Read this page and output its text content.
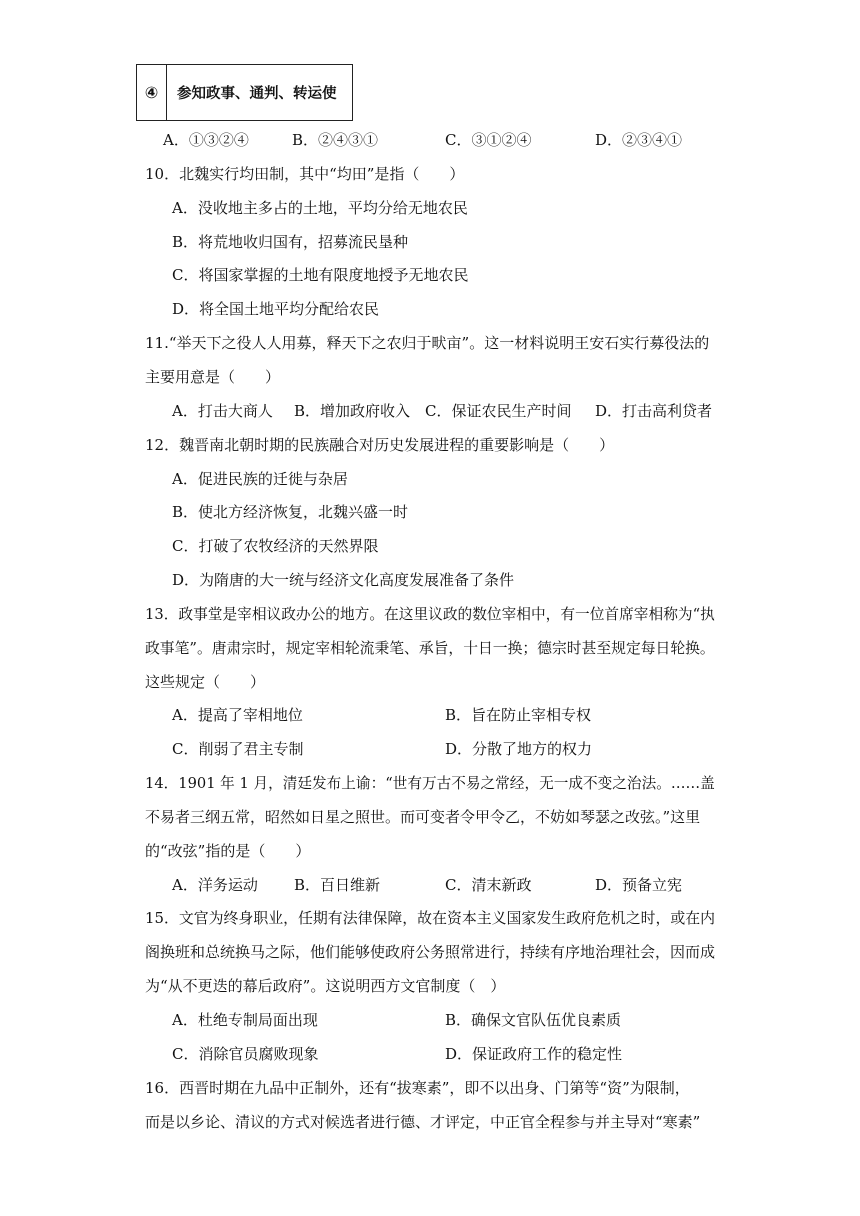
④	参知政事、通判、转运使
A．①③②④	B．②④③①	C．③①②④	D．②③④①
10．北魏实行均田制，其中“均田”是指（　　）
A．没收地主多占的土地，平均分给无地农民
B．将荒地收归国有，招募流民垦种
C．将国家掌握的土地有限度地授予无地农民
D．将全国土地平均分配给农民
11.“举天下之役人人用募，释天下之农归于畎亩”。这一材料说明王安石实行募役法的
主要用意是（　　）
A．打击大商人 B．增加政府收入 C．保证农民生产时间 D．打击高利贷者
12．魏晋南北朝时期的民族融合对历史发展进程的重要影响是（　　）
A．促进民族的迁徙与杂居
B．使北方经济恢复，北魏兴盛一时
C．打破了农牧经济的天然界限
D．为隋唐的大一统与经济文化高度发展准备了条件
13．政事堂是宰相议政办公的地方。在这里议政的数位宰相中，有一位首席宰相称为“执
政事笔”。唐肃宗时，规定宰相轮流秉笔、承旨，十日一换；德宗时甚至规定每日轮换。
这些规定（　　）
A．提高了宰相地位	B．旨在防止宰相专权
C．削弱了君主专制	D．分散了地方的权力
14．1901 年 1 月，清廷发布上谕：“世有万古不易之常经，无一成不变之治法。……盖
不易者三纲五常，昭然如日星之照世。而可变者令甲令乙，不妨如琴瑟之改弦。”这里
的“改弦”指的是（　　）
A．洋务运动 B．百日维新	C．清末新政	D．预备立宪
15．文官为终身职业，任期有法律保障，故在资本主义国家发生政府危机之时，或在内
阁换班和总统换马之际，他们能够使政府公务照常进行，持续有序地治理社会，因而成
为“从不更迭的幕后政府”。这说明西方文官制度（　）
A．杜绝专制局面出现	B．确保文官队伍优良素质
C．消除官员腐败现象	D．保证政府工作的稳定性
16．西晋时期在九品中正制外，还有“拔寒素”，即不以出身、门第等“资”为限制，
而是以乡论、清议的方式对候选者进行德、才评定，中正官全程参与并主导对“寒素”
